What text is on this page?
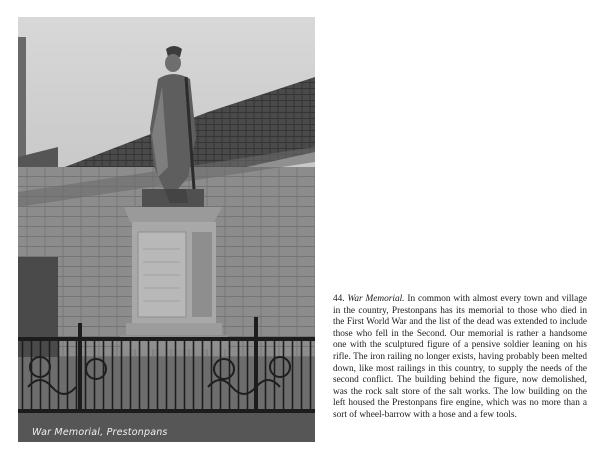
War Memorial, Prestonpans
44. War Memorial. In common with almost every town and village in the country, Prestonpans has its memorial to those who died in the First World War and the list of the dead was extended to include those who fell in the Second. Our memorial is rather a handsome one with the sculptured figure of a pensive soldier leaning on his rifle. The iron railing no longer exists, having probably been melted down, like most railings in this country, to supply the needs of the second conflict. The building behind the figure, now demolished, was the rock salt store of the salt works. The low building on the left housed the Prestonpans fire engine, which was no more than a sort of wheel-barrow with a hose and a few tools.
